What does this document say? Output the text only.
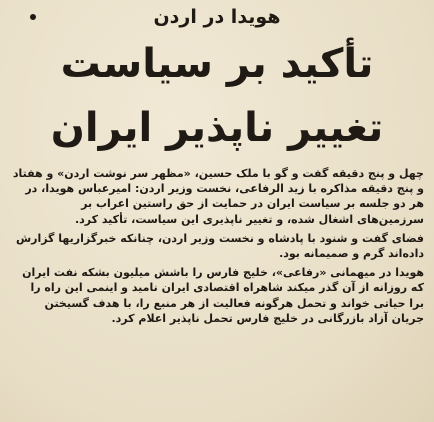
هویدا در اردن
تأکید بر سیاست
تغییر ناپذیر ایران

چهل و پنج دقیقه گفت و گو با ملک حسین، «مظهر سر نوشت اردن» و هفتاد و پنج دقیقه مذاکره با زید الرفاعی، نخست وزیر اردن: امیرعباس هویدا، در هر دو جلسه بر سیاست ایران در حمایت از حق راستین اعراب بر سرزمین‌های اشغال شده، و تغییر ناپذیری این سیاست، تأکید کرد.

فضای گفت و شنود با پادشاه و نخست وزیر اردن، چنانکه خبرگزاریها گزارش داده‌اند گرم و صمیمانه بود.

هویدا در میهمانی «رفاعی»، خلیج فارس را باشش میلیون بشکه نفت ایران که روزانه از آن گذر میکند شاهراه اقتصادی ایران نامید و اینمی این راه را برا حیاتی خواند و تحمل هرگونه فعالیت از هر منبع را، با هدف گسیختن جریان آزاد بازرگانی در خلیج فارس تحمل ناپذیر اعلام کرد.
